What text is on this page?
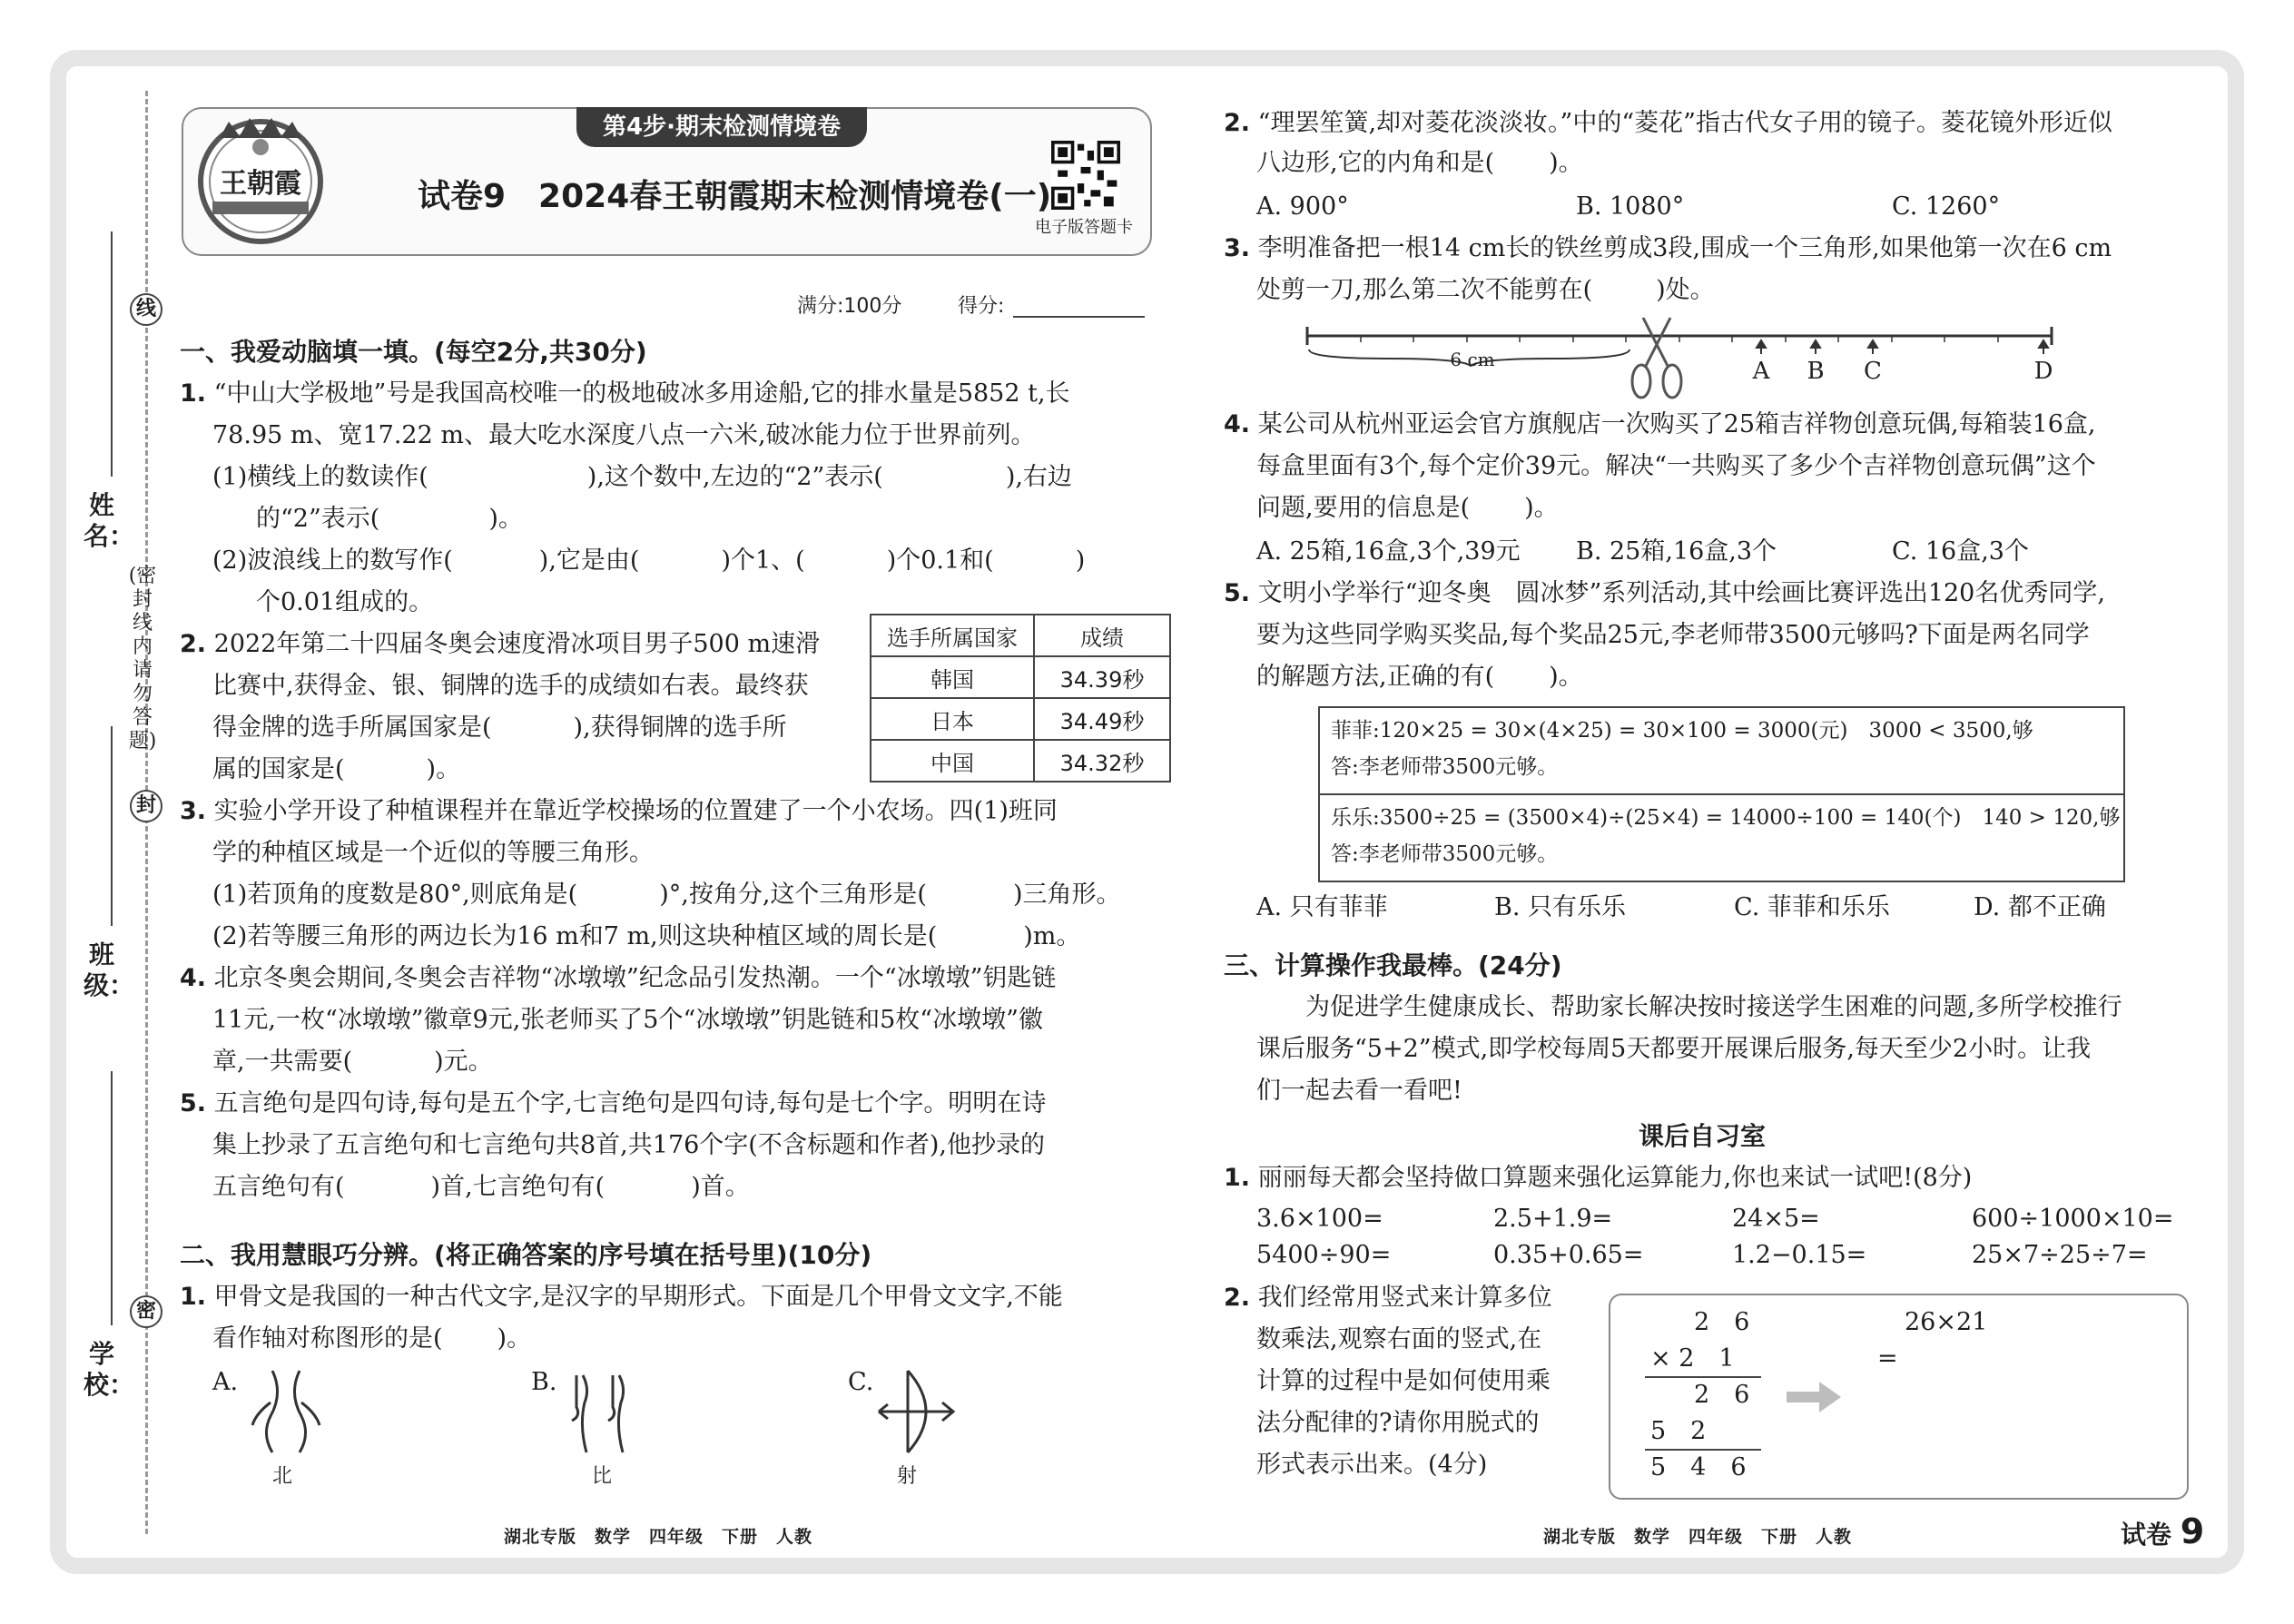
线
(密封线内请勿答题)
封
密
姓名：
班级：
学校：
王朝霞
第4步·期末检测情境卷
试卷9　2024春王朝霞期末检测情境卷(一)
电子版答题卡
满分:100分	得分:
一、我爱动脑填一填。(每空2分,共30分)
1. “中山大学极地”号是我国高校唯一的极地破冰多用途船,它的排水量是5852 t,长
78.95 m、宽17.22 m、最大吃水深度八点一六米,破冰能力位于世界前列。
(1)横线上的数读作(	),这个数中,左边的“2”表示(	),右边
的“2”表示(	)。
(2)波浪线上的数写作(	),它是由(	)个1、(	)个0.1和(	)
个0.01组成的。
2. 2022年第二十四届冬奥会速度滑冰项目男子500 m速滑
比赛中,获得金、银、铜牌的选手的成绩如右表。最终获
得金牌的选手所属国家是(	),获得铜牌的选手所
属的国家是(	)。
选手所属国家	成绩
韩国	34.39秒
日本	34.49秒
中国	34.32秒
3. 实验小学开设了种植课程并在靠近学校操场的位置建了一个小农场。四(1)班同
学的种植区域是一个近似的等腰三角形。
(1)若顶角的度数是80°,则底角是(	)°,按角分,这个三角形是(	)三角形。
(2)若等腰三角形的两边长为16 m和7 m,则这块种植区域的周长是(	)m。
4. 北京冬奥会期间,冬奥会吉祥物“冰墩墩”纪念品引发热潮。一个“冰墩墩”钥匙链
11元,一枚“冰墩墩”徽章9元,张老师买了5个“冰墩墩”钥匙链和5枚“冰墩墩”徽
章,一共需要(	)元。
5. 五言绝句是四句诗,每句是五个字,七言绝句是四句诗,每句是七个字。明明在诗
集上抄录了五言绝句和七言绝句共8首,共176个字(不含标题和作者),他抄录的
五言绝句有(	)首,七言绝句有(	)首。
二、我用慧眼巧分辨。(将正确答案的序号填在括号里)(10分)
1. 甲骨文是我国的一种古代文字,是汉字的早期形式。下面是几个甲骨文文字,不能
看作轴对称图形的是( )。
A.
北
B.
比
C.
射
湖北专版　数学　四年级　下册　人教
2. “理罢笙簧,却对菱花淡淡妆。”中的“菱花”指古代女子用的镜子。菱花镜外形近似
八边形,它的内角和是( )。
A. 900°	B. 1080°	C. 1260°
3. 李明准备把一根14 cm长的铁丝剪成3段,围成一个三角形,如果他第一次在6 cm
处剪一刀,那么第二次不能剪在(	)处。
6 cm	A B C	D
4. 某公司从杭州亚运会官方旗舰店一次购买了25箱吉祥物创意玩偶,每箱装16盒,
每盒里面有3个,每个定价39元。解决“一共购买了多少个吉祥物创意玩偶”这个
问题,要用的信息是( )。
A. 25箱,16盒,3个,39元 B. 25箱,16盒,3个	C. 16盒,3个
5. 文明小学举行“迎冬奥　圆冰梦”系列活动,其中绘画比赛评选出120名优秀同学,
要为这些同学购买奖品,每个奖品25元,李老师带3500元够吗?下面是两名同学
的解题方法,正确的有( )。
菲菲:120×25 = 30×(4×25) = 30×100 = 3000(元)　3000 < 3500,够
答:李老师带3500元够。
乐乐:3500÷25 = (3500×4)÷(25×4) = 14000÷100 = 140(个)　140 > 120,够
答:李老师带3500元够。
A. 只有菲菲	B. 只有乐乐	C. 菲菲和乐乐	D. 都不正确
三、计算操作我最棒。(24分)
为促进学生健康成长、帮助家长解决按时接送学生困难的问题,多所学校推行
课后服务“5+2”模式,即学校每周5天都要开展课后服务,每天至少2小时。让我
们一起去看一看吧!
课后自习室
1. 丽丽每天都会坚持做口算题来强化运算能力,你也来试一试吧!(8分)
3.6×100=	2.5+1.9=	24×5=	600÷1000×10=
5400÷90=	0.35+0.65=	1.2−0.15=	25×7÷25÷7=
2. 我们经常用竖式来计算多位
数乘法,观察右面的竖式,在
计算的过程中是如何使用乘
法分配律的?请你用脱式的
形式表示出来。(4分)
2　6
× 2　1
2　6
5　2
5　4　6
26×21
=
湖北专版　数学　四年级　下册　人教	试卷 9
